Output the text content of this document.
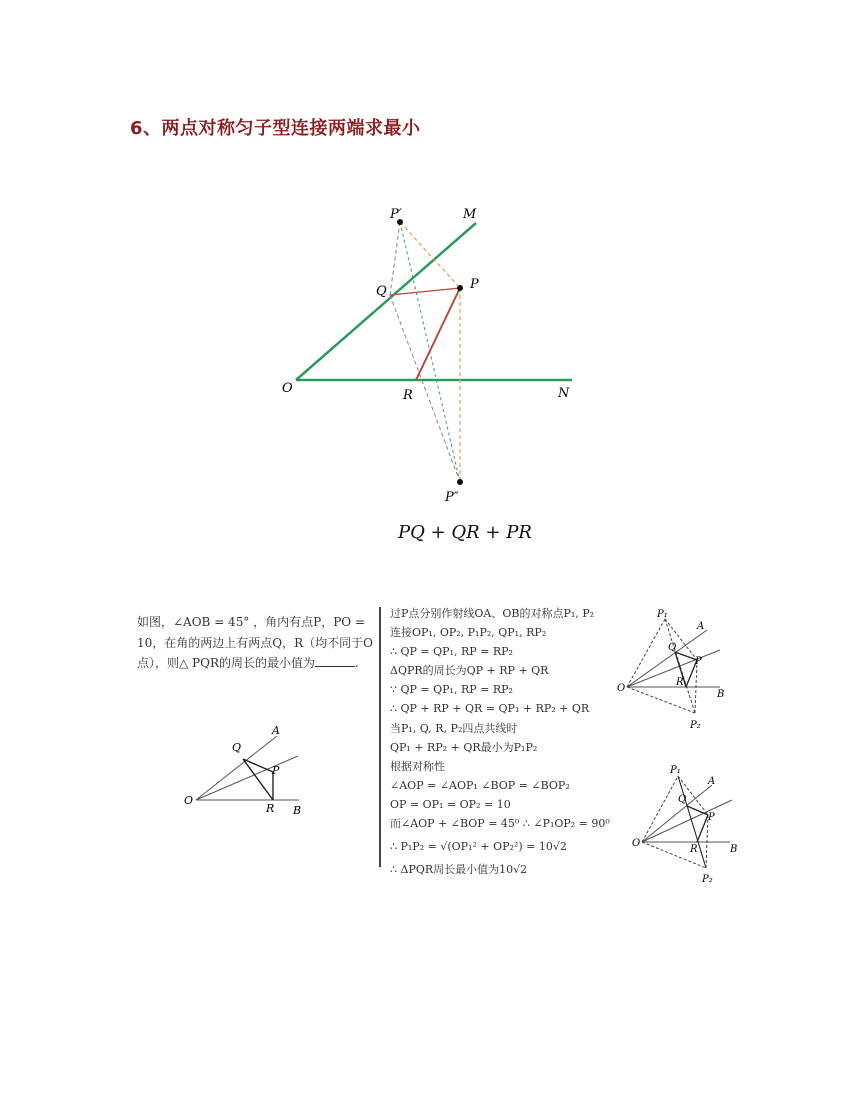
6、两点对称匀子型连接两端求最小
P′	M
Q	P
O	R	N
P″
PQ + QR + PR
如图，∠AOB = 45° ，角内有点P，PO = 10，在角的两边上有两点Q，R（均不同于O点），则△ PQR的周长的最小值为	.
A
Q
P
O
R B
过P点分别作射线OA、OB的对称点P₁, P₂
连接OP₁, OP₂, P₁P₂, QP₁, RP₂
∴ QP = QP₁, RP = RP₂
ΔQPR的周长为QP + RP + QR
∵ QP = QP₁, RP = RP₂
∴ QP + RP + QR = QP₁ + RP₂ + QR
当P₁, Q, R, P₂四点共线时
QP₁ + RP₂ + QR最小为P₁P₂
根据对称性
∠AOP = ∠AOP₁ ∠BOP = ∠BOP₂
OP = OP₁ = OP₂ = 10
而∠AOP + ∠BOP = 45⁰ ∴ ∠P₁OP₂ = 90⁰
∴ P₁P₂ = √(OP₁² + OP₂²) = 10√2
∴ ΔPQR周长最小值为10√2
P₁
A
Q
P
O
R
B
P₂
P₁
A
Q
P
O
R	B
P₂
